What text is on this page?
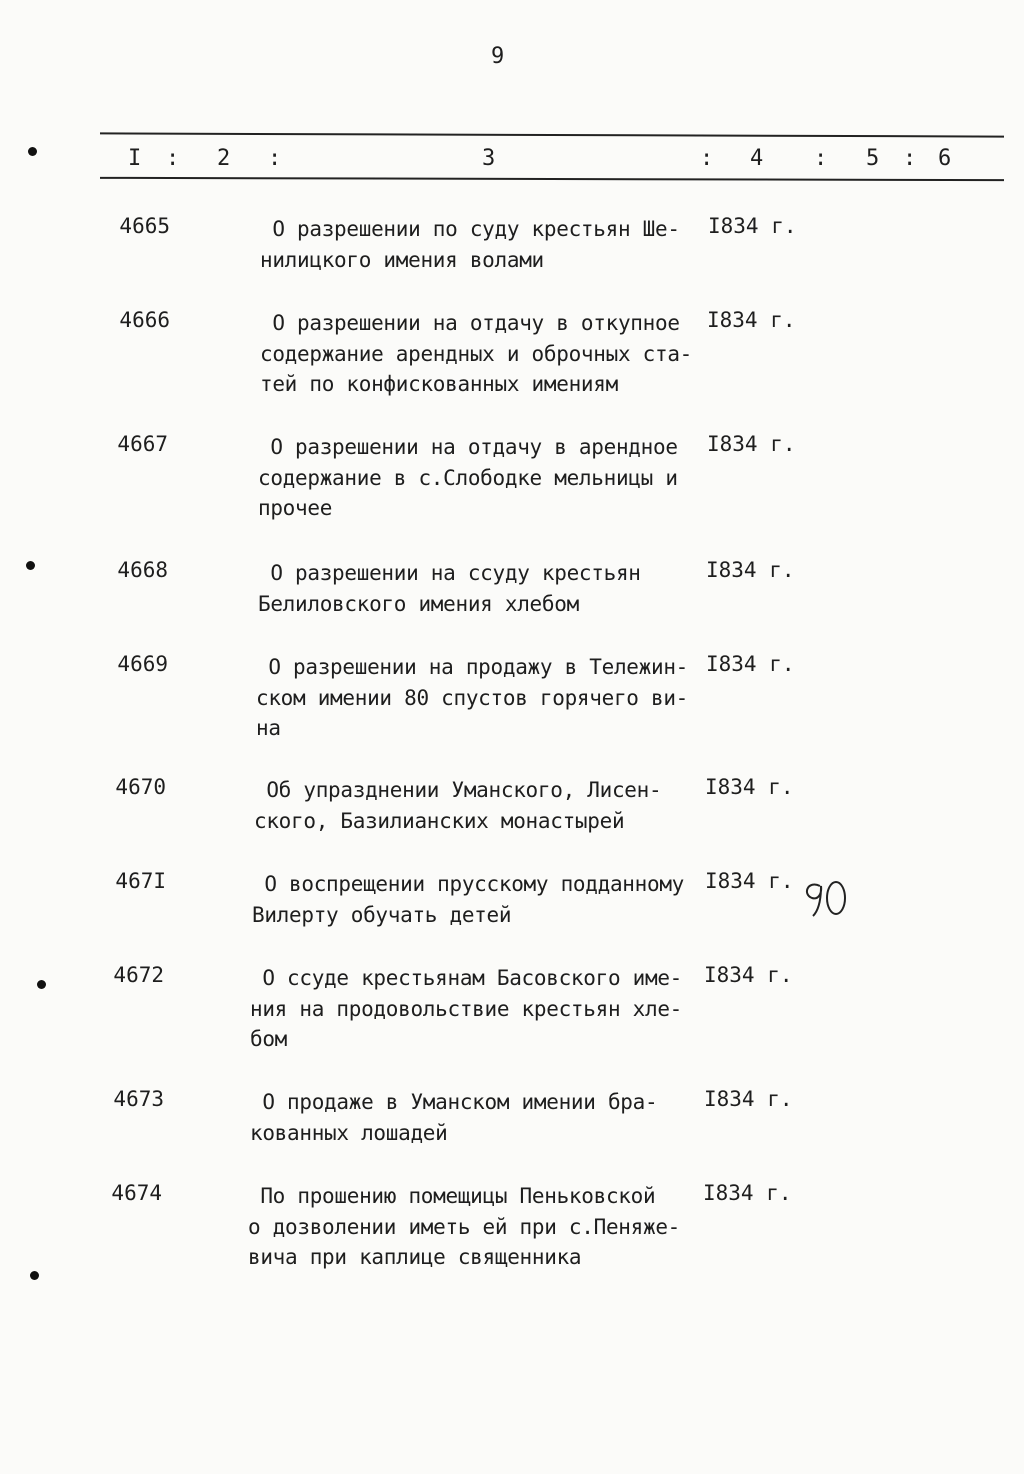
9
I : 2 :	3	: 4 : 5 : 6
4665	О разрешении по суду крестьян Ше-
нилицкого имения волами
I834 г.
4666	О разрешении на отдачу в откупное
содержание арендных и оброчных ста-
тей по конфискованных имениям
I834 г.
4667	О разрешении на отдачу в арендное
содержание в с.Слободке мельницы и
прочее
I834 г.
4668	О разрешении на ссуду крестьян
Белиловского имения хлебом
I834 г.
4669	О разрешении на продажу в Тележин-
ском имении 80 спустов горячего ви-
на
I834 г.
4670	Об упразднении Уманского, Лисен-
ского, Базилианских монастырей
I834 г.
467I	О воспрещении прусскому подданному
Вилерту обучать детей
I834 г.
4672	О ссуде крестьянам Басовского име-
ния на продовольствие крестьян хле-
бом
I834 г.
4673	О продаже в Уманском имении бра-
кованных лошадей
I834 г.
4674	По прошению помещицы Пеньковской
о дозволении иметь ей при с.Пеняже-
вича при каплице священника
I834 г.
